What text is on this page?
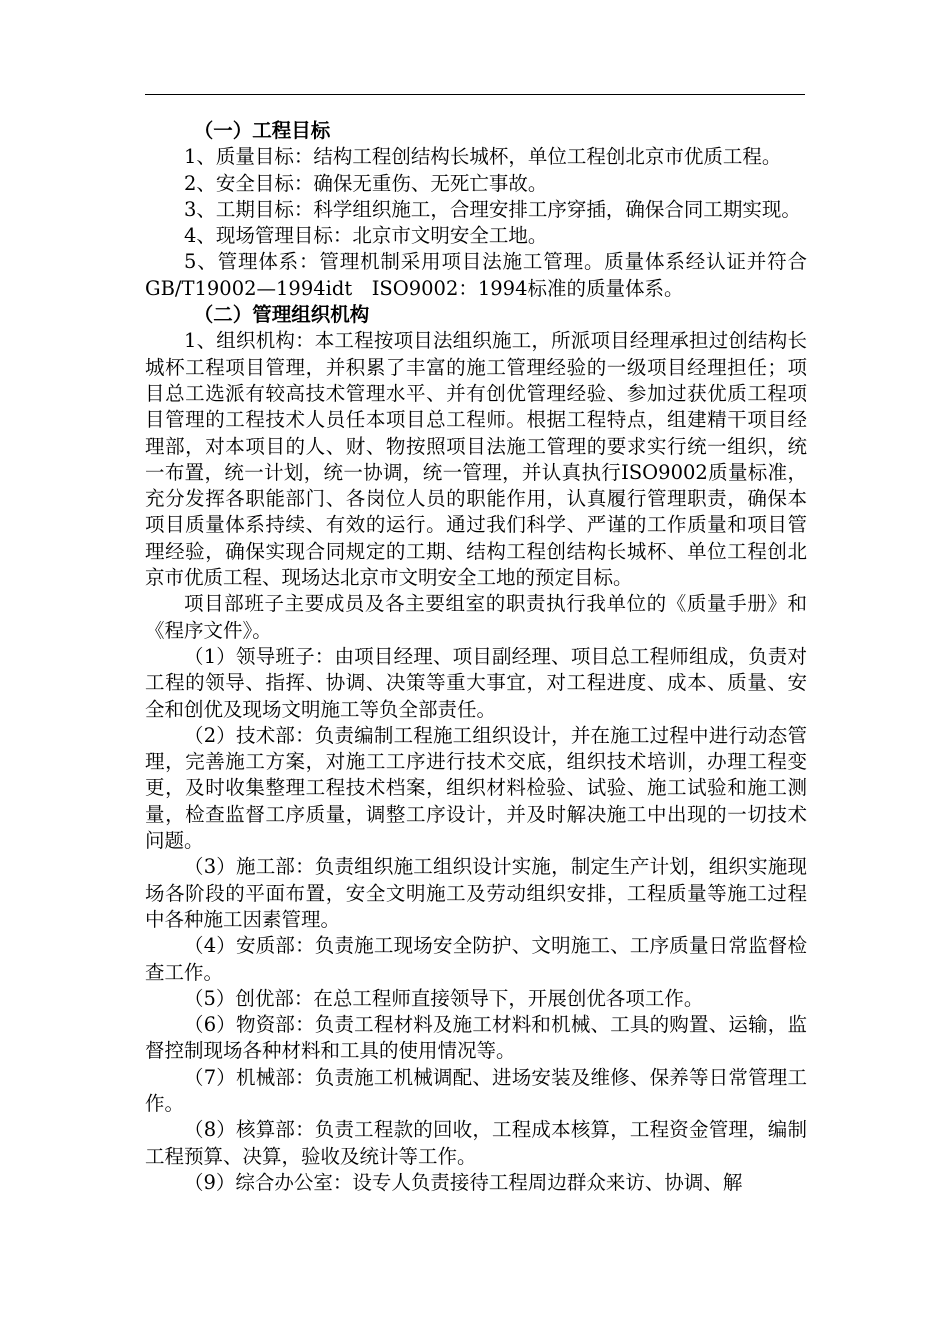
（一）工程目标

1、质量目标：结构工程创结构长城杯，单位工程创北京市优质工程。

2、安全目标：确保无重伤、无死亡事故。

3、工期目标：科学组织施工，合理安排工序穿插，确保合同工期实现。

4、现场管理目标：北京市文明安全工地。

5、管理体系：管理机制采用项目法施工管理。质量体系经认证并符合GB/T19002—1994idt　ISO9002：1994标准的质量体系。

（二）管理组织机构

1、组织机构：本工程按项目法组织施工，所派项目经理承担过创结构长城杯工程项目管理，并积累了丰富的施工管理经验的一级项目经理担任；项目总工选派有较高技术管理水平、并有创优管理经验、参加过获优质工程项目管理的工程技术人员任本项目总工程师。根据工程特点，组建精干项目经理部，对本项目的人、财、物按照项目法施工管理的要求实行统一组织，统一布置，统一计划，统一协调，统一管理，并认真执行ISO9002质量标准，充分发挥各职能部门、各岗位人员的职能作用，认真履行管理职责，确保本项目质量体系持续、有效的运行。通过我们科学、严谨的工作质量和项目管理经验，确保实现合同规定的工期、结构工程创结构长城杯、单位工程创北京市优质工程、现场达北京市文明安全工地的预定目标。

项目部班子主要成员及各主要组室的职责执行我单位的《质量手册》和《程序文件》。

（1）领导班子：由项目经理、项目副经理、项目总工程师组成，负责对工程的领导、指挥、协调、决策等重大事宜，对工程进度、成本、质量、安全和创优及现场文明施工等负全部责任。

（2）技术部：负责编制工程施工组织设计，并在施工过程中进行动态管理，完善施工方案，对施工工序进行技术交底，组织技术培训，办理工程变更，及时收集整理工程技术档案，组织材料检验、试验、施工试验和施工测量，检查监督工序质量，调整工序设计，并及时解决施工中出现的一切技术问题。

（3）施工部：负责组织施工组织设计实施，制定生产计划，组织实施现场各阶段的平面布置，安全文明施工及劳动组织安排，工程质量等施工过程中各种施工因素管理。

（4）安质部：负责施工现场安全防护、文明施工、工序质量日常监督检查工作。

（5）创优部：在总工程师直接领导下，开展创优各项工作。

（6）物资部：负责工程材料及施工材料和机械、工具的购置、运输，监督控制现场各种材料和工具的使用情况等。

（7）机械部：负责施工机械调配、进场安装及维修、保养等日常管理工作。

（8）核算部：负责工程款的回收，工程成本核算，工程资金管理，编制工程预算、决算，验收及统计等工作。

（9）综合办公室：设专人负责接待工程周边群众来访、协调、解
